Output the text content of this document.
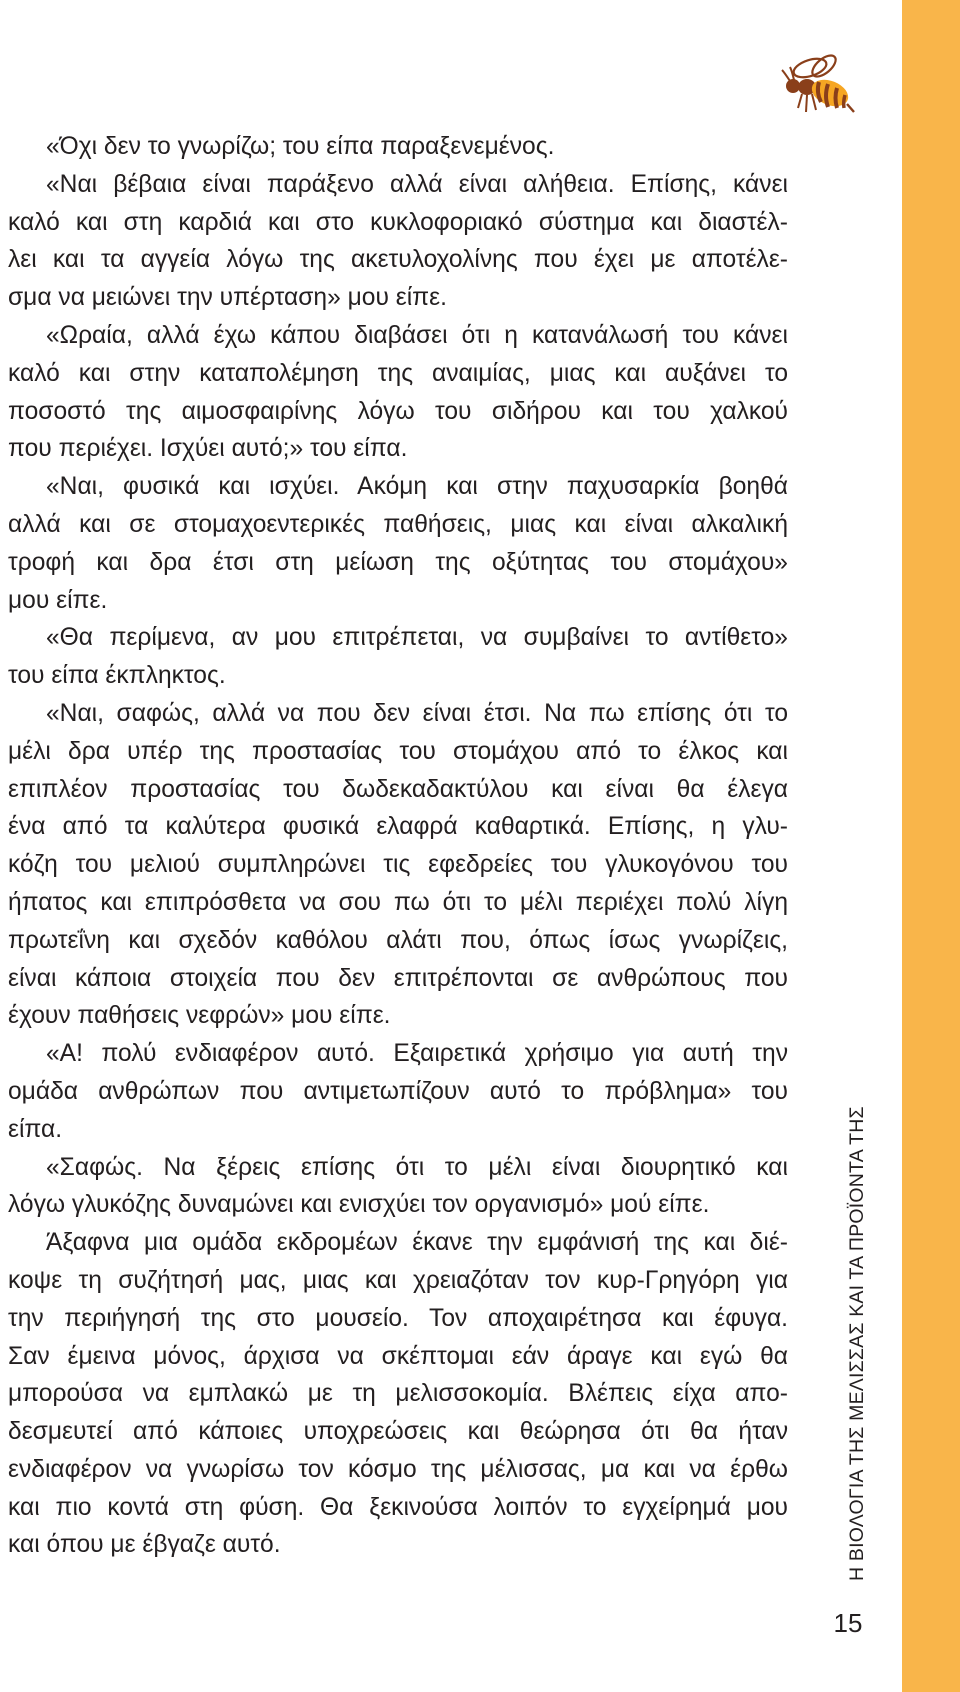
Η ΒΙΟΛΟΓΙΑ ΤΗΣ ΜΕΛΙΣΣΑΣ ΚΑΙ ΤΑ ΠΡΟΪΟΝΤΑ ΤΗΣ
15
«Όχι δεν το γνωρίζω; του είπα παραξενεμένος.
«Ναι βέβαια είναι παράξενο αλλά είναι αλήθεια. Επίσης, κάνει
καλό και στη καρδιά και στο κυκλοφοριακό σύστημα και διαστέλ-
λει και τα αγγεία λόγω της ακετυλοχολίνης που έχει με αποτέλε-
σμα να μειώνει την υπέρταση» μου είπε.
«Ωραία, αλλά έχω κάπου διαβάσει ότι η κατανάλωσή του κάνει
καλό και στην καταπολέμηση της αναιμίας, μιας και αυξάνει το
ποσοστό της αιμοσφαιρίνης λόγω του σιδήρου και του χαλκού
που περιέχει. Ισχύει αυτό;» του είπα.
«Ναι, φυσικά και ισχύει. Ακόμη και στην παχυσαρκία βοηθά
αλλά και σε στομαχοεντερικές παθήσεις, μιας και είναι αλκαλική
τροφή και δρα έτσι στη μείωση της οξύτητας του στομάχου»
μου είπε.
«Θα περίμενα, αν μου επιτρέπεται, να συμβαίνει το αντίθετο»
του είπα έκπληκτος.
«Ναι, σαφώς, αλλά να που δεν είναι έτσι. Να πω επίσης ότι το
μέλι δρα υπέρ της προστασίας του στομάχου από το έλκος και
επιπλέον προστασίας του δωδεκαδακτύλου και είναι θα έλεγα
ένα από τα καλύτερα φυσικά ελαφρά καθαρτικά. Επίσης, η γλυ-
κόζη του μελιού συμπληρώνει τις εφεδρείες του γλυκογόνου του
ήπατος και επιπρόσθετα να σου πω ότι το μέλι περιέχει πολύ λίγη
πρωτεΐνη και σχεδόν καθόλου αλάτι που, όπως ίσως γνωρίζεις,
είναι κάποια στοιχεία που δεν επιτρέπονται σε ανθρώπους που
έχουν παθήσεις νεφρών» μου είπε.
«Α! πολύ ενδιαφέρον αυτό. Εξαιρετικά χρήσιμο για αυτή την
ομάδα ανθρώπων που αντιμετωπίζουν αυτό το πρόβλημα» του
είπα.
«Σαφώς. Να ξέρεις επίσης ότι το μέλι είναι διουρητικό και
λόγω γλυκόζης δυναμώνει και ενισχύει τον οργανισμό» μού είπε.
Άξαφνα μια ομάδα εκδρομέων έκανε την εμφάνισή της και διέ-
κοψε τη συζήτησή μας, μιας και χρειαζόταν τον κυρ-Γρηγόρη για
την περιήγησή της στο μουσείο. Τον αποχαιρέτησα και έφυγα.
Σαν έμεινα μόνος, άρχισα να σκέπτομαι εάν άραγε και εγώ θα
μπορούσα να εμπλακώ με τη μελισσοκομία. Βλέπεις είχα απο-
δεσμευτεί από κάποιες υποχρεώσεις και θεώρησα ότι θα ήταν
ενδιαφέρον να γνωρίσω τον κόσμο της μέλισσας, μα και να έρθω
και πιο κοντά στη φύση. Θα ξεκινούσα λοιπόν το εγχείρημά μου
και όπου με έβγαζε αυτό.
